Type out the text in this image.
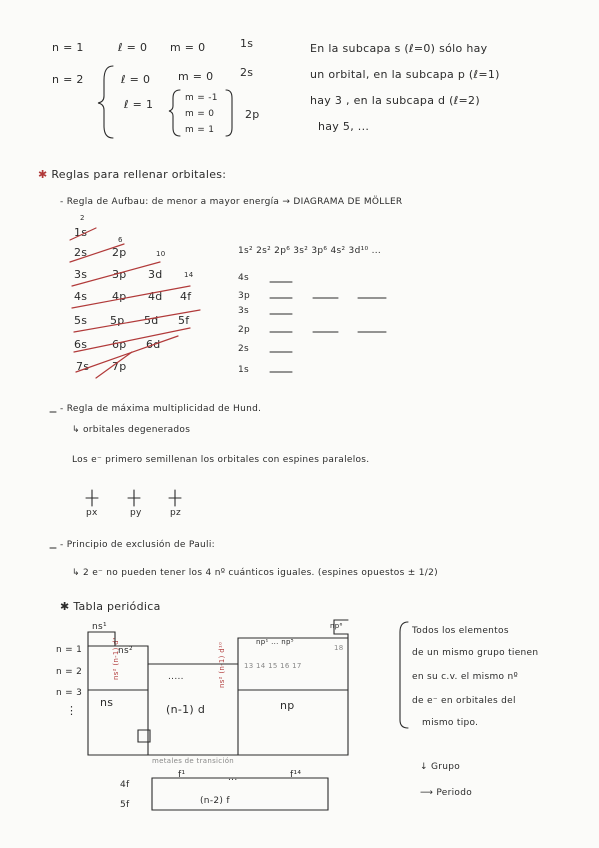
n = 1	ℓ = 0 m = 0	1s
n = 2	ℓ = 0	m = 0 2s
ℓ = 1	m = -1
m = 0
m = 1
2p
En la subcapa s (ℓ=0) sólo hay
un orbital, en la subcapa p (ℓ=1)
hay 3 , en la subcapa d (ℓ=2)
hay 5, ...
✱ Reglas para rellenar orbitales:
- Regla de Aufbau: de menor a mayor energía → DIAGRAMA DE MÖLLER
2
6
10
14
1s
2s 2p
3s 3p 3d
4s 4p 4d 4f
5s 5p 5d 5f
6s 6p 6d
7s 7p
1s² 2s² 2p⁶ 3s² 3p⁶ 4s² 3d¹⁰ ...
4s
3p
3s
2p
2s
1s
- Regla de máxima multiplicidad de Hund.
↳ orbitales degenerados
Los e⁻ primero semillenan los orbitales con espines paralelos.
px	py	pz
- Principio de exclusión de Pauli:
↳ 2 e⁻ no pueden tener los 4 nº cuánticos iguales. (espines opuestos ± 1/2)
✱ Tabla periódica
n = 1
n = 2
n = 3
⋮
ns¹
ns²
ns² (n-1) d¹	ns² (n-1) d¹⁰	np¹ ... np⁵
np⁶
13 14 15 16 17
18
ns
.....
(n-1) d	np
metales de transición
f¹	...	f¹⁴
4f
5f	(n-2) f
Todos los elementos
de un mismo grupo tienen
en su c.v. el mismo nº
de e⁻ en orbitales del
mismo tipo.
↓ Grupo
⟶ Periodo
